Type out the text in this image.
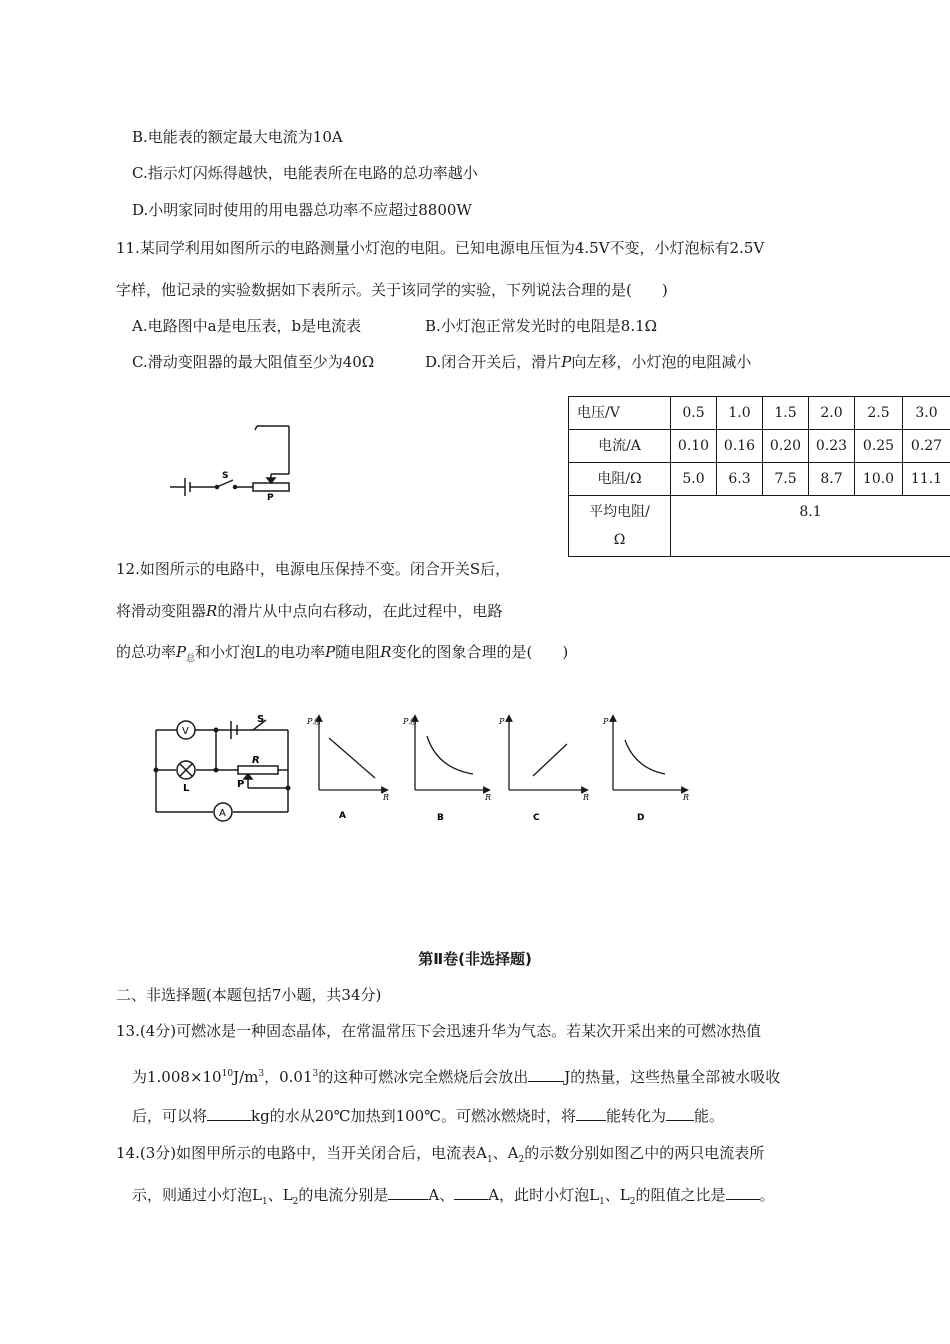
B.电能表的额定最大电流为10A
C.指示灯闪烁得越快，电能表所在电路的总功率越小
D.小明家同时使用的用电器总功率不应超过8800W
11.某同学利用如图所示的电路测量小灯泡的电阻。已知电源电压恒为4.5V不变，小灯泡标有2.5V
字样，他记录的实验数据如下表所示。关于该同学的实验，下列说法合理的是(　　)
A.电路图中a是电压表，b是电流表	B.小灯泡正常发光时的电阻是8.1Ω
C.滑动变阻器的最大阻值至少为40Ω	D.闭合开关后，滑片P向左移，小灯泡的电阻减小
S
P
电压/V	0.5	1.0	1.5	2.0	2.5	3.0
电流/A	0.10	0.16	0.20	0.23	0.25	0.27
电阻/Ω	5.0	6.3	7.5	8.7	10.0	11.1
平均电阻/Ω	8.1					
12.如图所示的电路中，电源电压保持不变。闭合开关S后，
将滑动变阻器R的滑片从中点向右移动，在此过程中，电路
的总功率$P_总$和小灯泡L的电功率P随电阻R变化的图象合理的是(　　)
V
A
S
L
R
P
P总
R
A
P总
R
B
P
R
C
P
R
D
第Ⅱ卷(非选择题)
二、非选择题(本题包括7小题，共34分)
13.(4分)可燃冰是一种固态晶体，在常温常压下会迅速升华为气态。若某次开采出来的可燃冰热值
为$1.008\times 10^{10}J/m^3$，0.01$^3$的这种可燃冰完全燃烧后会放出 J的热量，这些热量全部被水吸收
后，可以将	kg的水从20℃加热到100℃。可燃冰燃烧时，将 能转化为 能。
14.(3分)如图甲所示的电路中，当开关闭合后，电流表$A_1$、$A_2$的示数分别如图乙中的两只电流表所
示，则通过小灯泡$L_1$、$L_2$的电流分别是	A、 A，此时小灯泡$L_1$、$L_2$的阻值之比是 。
